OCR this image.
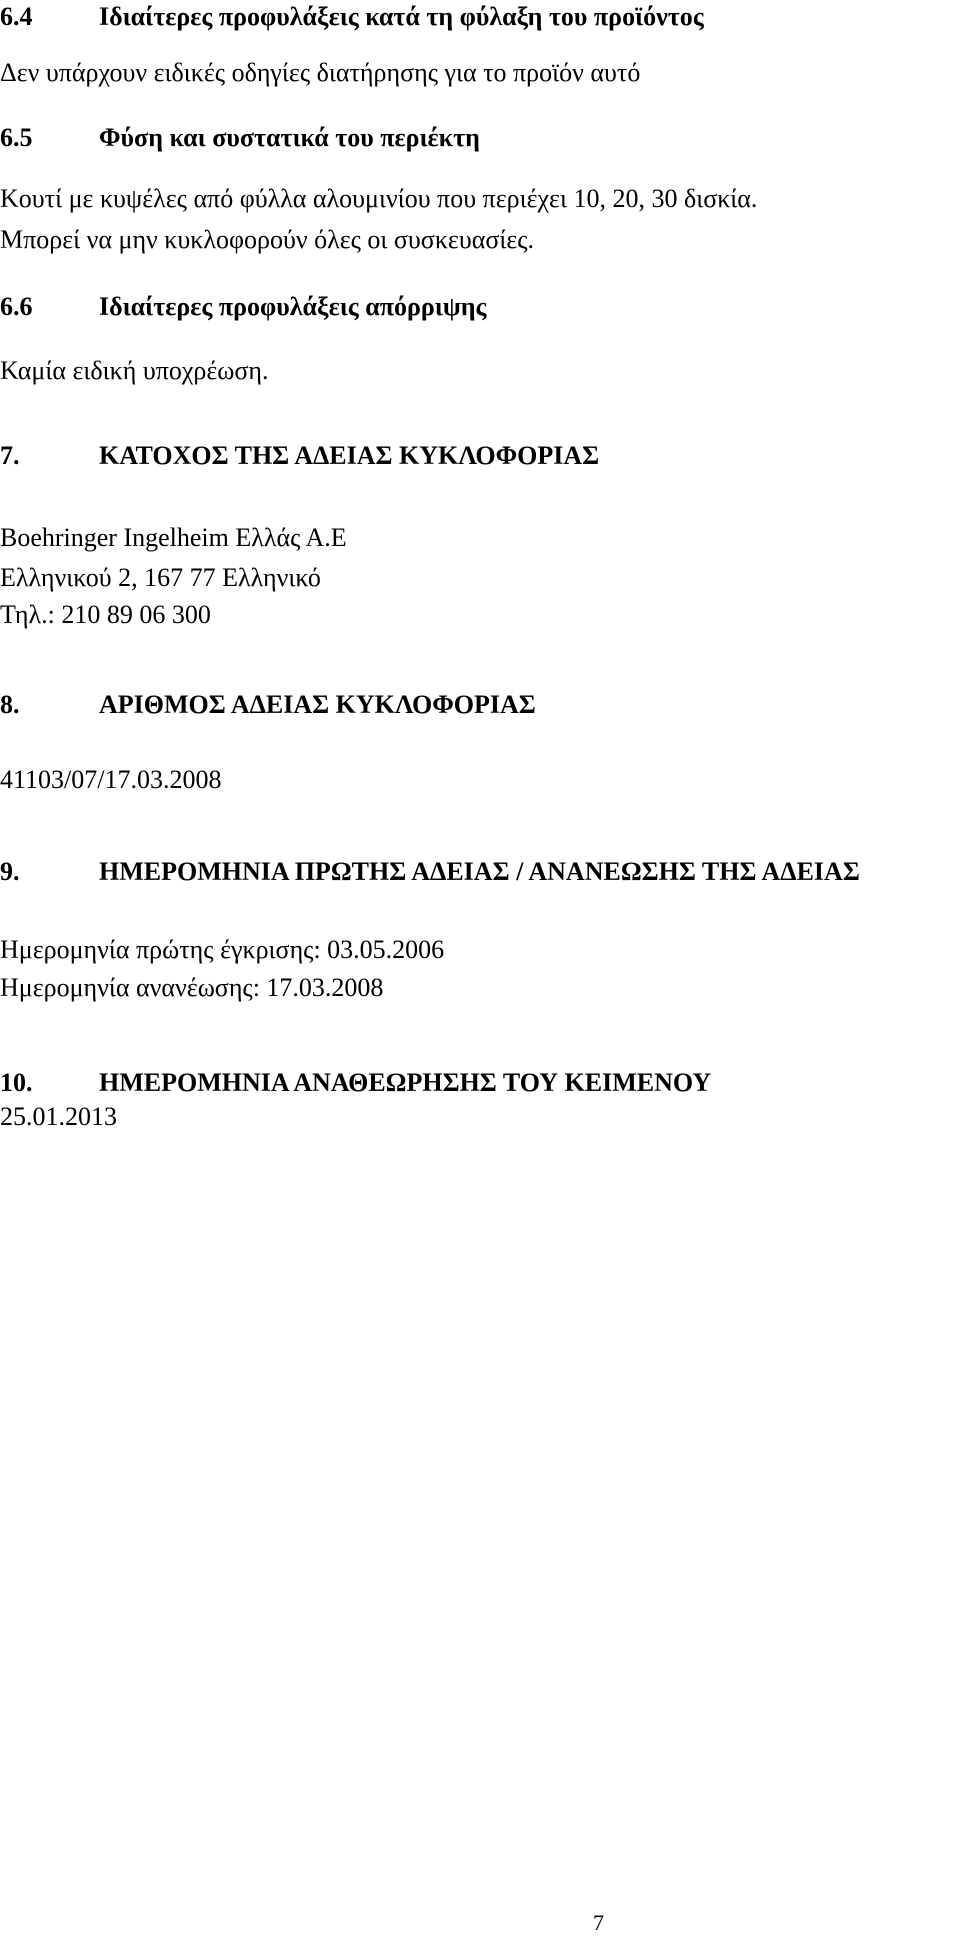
6.4	Ιδιαίτερες προφυλάξεις κατά τη φύλαξη του προϊόντος
Δεν υπάρχουν ειδικές οδηγίες διατήρησης για το προϊόν αυτό
6.5	Φύση και συστατικά του περιέκτη
Κουτί με κυψέλες από φύλλα αλουμινίου που περιέχει 10, 20, 30 δισκία.
Μπορεί να μην κυκλοφορούν όλες οι συσκευασίες.
6.6	Ιδιαίτερες προφυλάξεις απόρριψης
Καμία ειδική υποχρέωση.
7.	ΚΑΤΟΧΟΣ ΤΗΣ ΑΔΕΙΑΣ ΚΥΚΛΟΦΟΡΙΑΣ
Boehringer Ingelheim Ελλάς Α.Ε
Ελληνικού 2, 167 77 Ελληνικό
Τηλ.: 210 89 06 300
8.	ΑΡΙΘΜΟΣ ΑΔΕΙΑΣ ΚΥΚΛΟΦΟΡΙΑΣ
41103/07/17.03.2008
9.	ΗΜΕΡΟΜΗΝΙΑ ΠΡΩΤΗΣ ΑΔΕΙΑΣ / ΑΝΑΝΕΩΣΗΣ ΤΗΣ ΑΔΕΙΑΣ
Ημερομηνία πρώτης έγκρισης: 03.05.2006
Ημερομηνία ανανέωσης: 17.03.2008
10.	ΗΜΕΡΟΜΗΝΙΑ ΑΝΑΘΕΩΡΗΣΗΣ ΤΟΥ ΚΕΙΜΕΝΟΥ
25.01.2013
7
